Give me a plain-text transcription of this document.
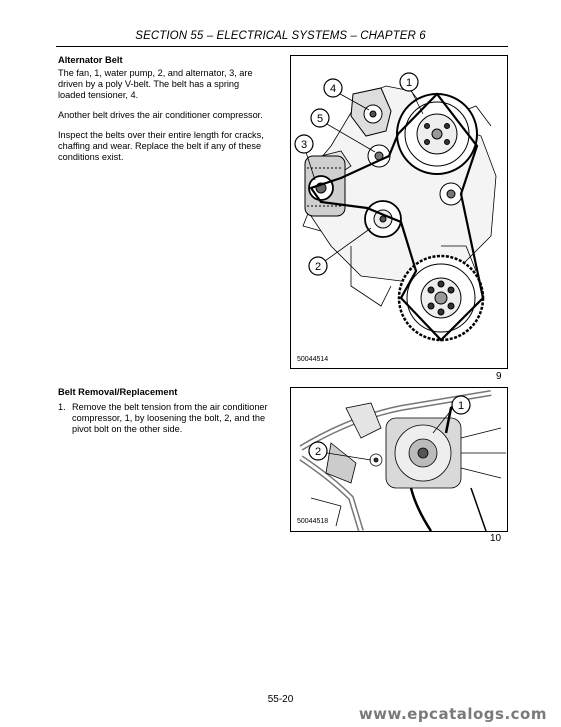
SECTION 55 – ELECTRICAL SYSTEMS – CHAPTER 6
Alternator Belt

The fan, 1, water pump, 2, and alternator, 3, are driven by a poly V-belt. The belt has a spring loaded tensioner, 4.

Another belt drives the air conditioner compressor.

Inspect the belts over their entire length for cracks, chaffing and wear. Replace the belt if any of these conditions exist.

1
2
3
4
5
50044514
9
Belt Removal/Replacement
1. Remove the belt tension from the air conditioner compressor, 1, by loosening the bolt, 2, and the pivot bolt on the other side.

1
2
50044518
10
55-20
www.epcatalogs.com
